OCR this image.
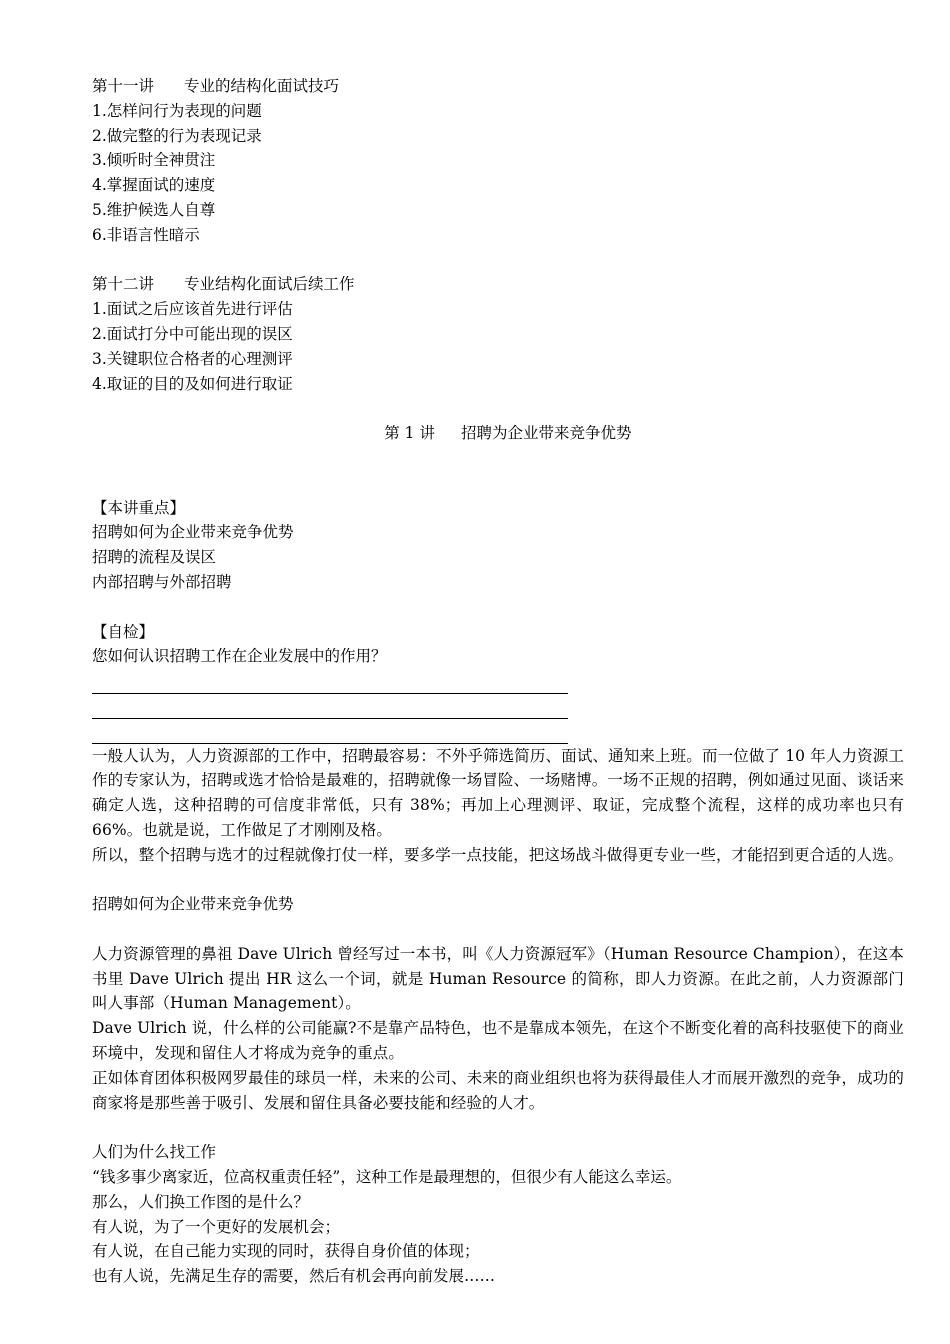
第十一讲	专业的结构化面试技巧
1.怎样问行为表现的问题
2.做完整的行为表现记录
3.倾听时全神贯注
4.掌握面试的速度
5.维护候选人自尊
6.非语言性暗示
第十二讲	专业结构化面试后续工作
1.面试之后应该首先进行评估
2.面试打分中可能出现的误区
3.关键职位合格者的心理测评
4.取证的目的及如何进行取证

第 1 讲 招聘为企业带来竞争优势

【本讲重点】
招聘如何为企业带来竞争优势
招聘的流程及误区
内部招聘与外部招聘
【自检】
您如何认识招聘工作在企业发展中的作用？

一般人认为，人力资源部的工作中，招聘最容易：不外乎筛选简历、面试、通知来上班。而一位做了 10 年人力资源工作的专家认为，招聘或选才恰恰是最难的，招聘就像一场冒险、一场赌博。一场不正规的招聘，例如通过见面、谈话来确定人选，这种招聘的可信度非常低，只有 38%；再加上心理测评、取证，完成整个流程，这样的成功率也只有 66%。也就是说，工作做足了才刚刚及格。

所以，整个招聘与选才的过程就像打仗一样，要多学一点技能，把这场战斗做得更专业一些，才能招到更合适的人选。

招聘如何为企业带来竞争优势

人力资源管理的鼻祖 Dave Ulrich 曾经写过一本书，叫《人力资源冠军》（Human Resource Champion），在这本书里 Dave Ulrich 提出 HR 这么一个词，就是 Human Resource 的简称，即人力资源。在此之前，人力资源部门叫人事部（Human Management）。

Dave Ulrich 说，什么样的公司能赢?不是靠产品特色，也不是靠成本领先，在这个不断变化着的高科技驱使下的商业环境中，发现和留住人才将成为竞争的重点。

正如体育团体积极网罗最佳的球员一样，未来的公司、未来的商业组织也将为获得最佳人才而展开激烈的竞争，成功的商家将是那些善于吸引、发展和留住具备必要技能和经验的人才。

人们为什么找工作
“钱多事少离家近，位高权重责任轻”，这种工作是最理想的，但很少有人能这么幸运。
那么，人们换工作图的是什么？
有人说，为了一个更好的发展机会；
有人说，在自己能力实现的同时，获得自身价值的体现；
也有人说，先满足生存的需要，然后有机会再向前发展……
